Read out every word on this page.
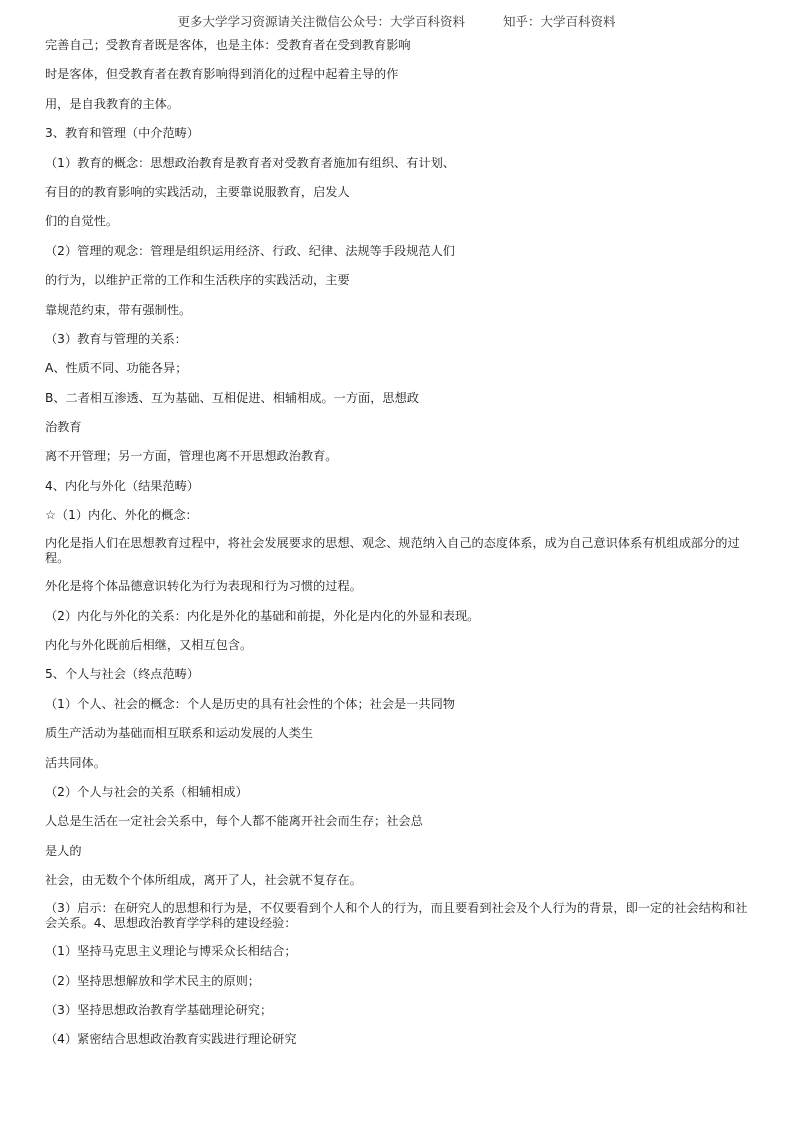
更多大学学习资源请关注微信公众号：大学百科资料	知乎：大学百科资料
完善自己；受教育者既是客体，也是主体：受教育者在受到教育影响
时是客体，但受教育者在教育影响得到消化的过程中起着主导的作
用，是自我教育的主体。
3、教育和管理（中介范畴）
（1）教育的概念：思想政治教育是教育者对受教育者施加有组织、有计划、
有目的的教育影响的实践活动，主要靠说服教育，启发人
们的自觉性。
（2）管理的观念：管理是组织运用经济、行政、纪律、法规等手段规范人们
的行为，以维护正常的工作和生活秩序的实践活动，主要
靠规范约束，带有强制性。
（3）教育与管理的关系：
A、性质不同、功能各异；
B、二者相互渗透、互为基础、互相促进、相辅相成。一方面，思想政
治教育
离不开管理；另一方面，管理也离不开思想政治教育。
4、内化与外化（结果范畴）
☆（1）内化、外化的概念：
内化是指人们在思想教育过程中，将社会发展要求的思想、观念、规范纳入自己的态度体系，成为自己意识体系有机组成部分的过程。
外化是将个体品德意识转化为行为表现和行为习惯的过程。
（2）内化与外化的关系：内化是外化的基础和前提，外化是内化的外显和表现。
内化与外化既前后相继，又相互包含。
5、个人与社会（终点范畴）
（1）个人、社会的概念：个人是历史的具有社会性的个体；社会是一共同物
质生产活动为基础而相互联系和运动发展的人类生
活共同体。
（2）个人与社会的关系（相辅相成）
人总是生活在一定社会关系中，每个人都不能离开社会而生存；社会总
是人的
社会，由无数个个体所组成，离开了人，社会就不复存在。
（3）启示：在研究人的思想和行为是，不仅要看到个人和个人的行为，而且要看到社会及个人行为的背景，即一定的社会结构和社会关系。4、思想政治教育学学科的建设经验：
（1）坚持马克思主义理论与博采众长相结合；
（2）坚持思想解放和学术民主的原则；
（3）坚持思想政治教育学基础理论研究；
（4）紧密结合思想政治教育实践进行理论研究
